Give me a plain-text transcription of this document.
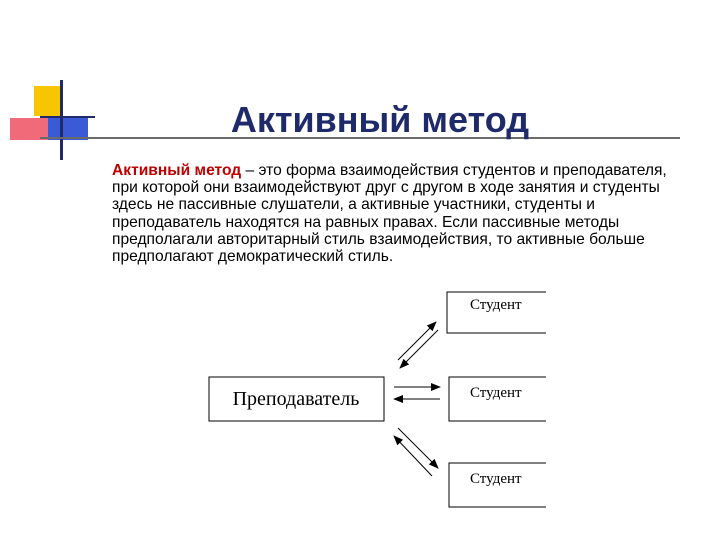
Активный метод

Активный метод – это форма взаимодействия студентов и преподавателя, при которой они взаимодействуют друг с другом в ходе занятия и студенты здесь не пассивные слушатели, а активные участники, студенты и преподаватель находятся на равных правах. Если пассивные методы предполагали авторитарный стиль взаимодействия, то активные больше предполагают демократический стиль.

Преподаватель
Студент
Студент
Студент
